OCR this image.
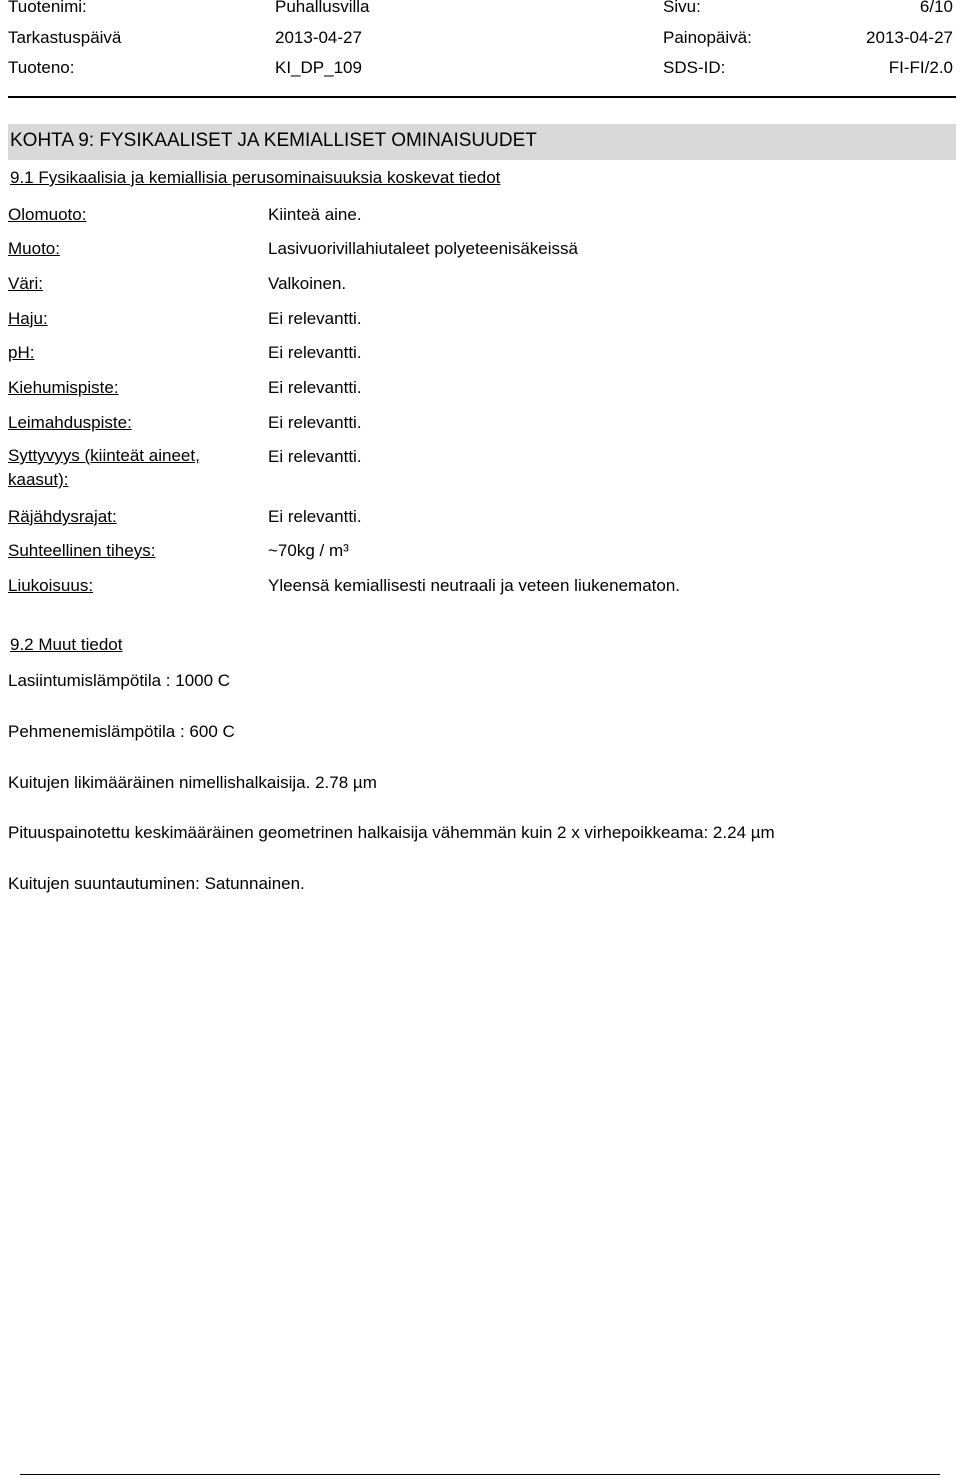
Tuotenimi:	Puhallusvilla	Sivu:	6/10
Tarkastuspäivä	2013-04-27	Painopäivä:	2013-04-27
Tuoteno:	KI_DP_109	SDS-ID:	FI-FI/2.0
KOHTA 9: FYSIKAALISET JA KEMIALLISET OMINAISUUDET
9.1 Fysikaalisia ja kemiallisia perusominaisuuksia koskevat tiedot
Olomuoto:	Kiinteä aine.
Muoto:	Lasivuorivillahiutaleet polyeteenisäkeissä
Väri:	Valkoinen.
Haju:	Ei relevantti.
pH:	Ei relevantti.
Kiehumispiste:	Ei relevantti.
Leimahduspiste:	Ei relevantti.
Syttyvyys (kiinteät aineet, kaasut):
Ei relevantti.
Räjähdysrajat:	Ei relevantti.
Suhteellinen tiheys:	~70kg / m³
Liukoisuus:	Yleensä kemiallisesti neutraali ja veteen liukenematon.
9.2 Muut tiedot
Lasiintumislämpötila : 1000 C
Pehmenemislämpötila : 600 C
Kuitujen likimääräinen nimellishalkaisija. 2.78 µm
Pituuspainotettu keskimääräinen geometrinen halkaisija vähemmän kuin 2 x virhepoikkeama: 2.24 µm
Kuitujen suuntautuminen: Satunnainen.
